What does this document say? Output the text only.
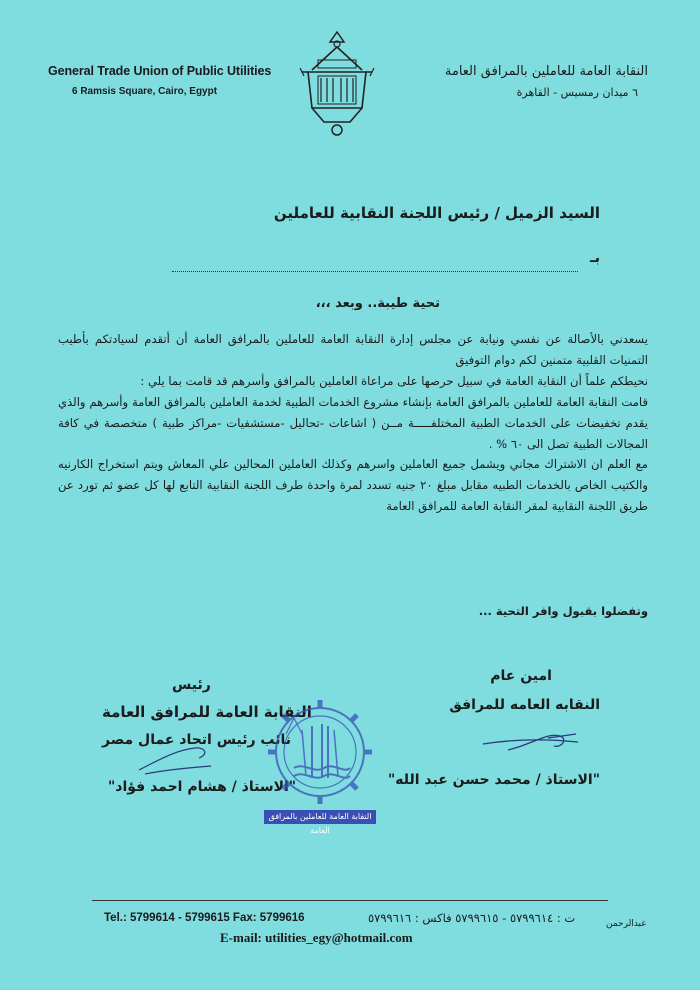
General Trade Union of Public Utilities
6 Ramsis Square, Cairo, Egypt
النقابة العامة للعاملين بالمرافق العامة
٦ ميدان رمسيس - القاهرة
السيد الزميل / رئيس اللجنة النقابية للعاملين
بـ
تحية طيبة.. وبعد ،،،

يسعدني بالأصالة عن نفسي ونيابة عن مجلس إدارة النقابة العامة للعاملين بالمرافق العامة أن أتقدم لسيادتكم بأطيب التمنيات القلبية متمنين لكم دوام التوفيق

نحيطكم علماً أن النقابة العامة في سبيل حرصها على مراعاة العاملين بالمرافق وأسرهم قد قامت بما يلي :

قامت النقابة العامة للعاملين بالمرافق العامة بإنشاء مشروع الخدمات الطبية لخدمة العاملين بالمرافق العامة وأسرهم والذي يقدم تخفيضات على الخدمات الطبية المختلفـــــة مــن ( اشاعات -تحاليل -مستشفيات -مراكز طبية ) متخصصة في كافة المجالات الطبية تصل الى ٦٠ % .

مع العلم ان الاشتراك مجاني ويشمل جميع العاملين واسرهم وكذلك العاملين المحالين علي المعاش ويتم استخراج الكارنيه والكتيب الخاص بالخدمات الطبيه مقابل مبلغ ٢٠ جنيه تسدد لمرة واحدة طرف اللجنة النقابية التابع لها كل عضو ثم تورد عن طريق اللجنة النقابية لمقر النقابة العامة للمرافق العامة

وتفضلوا بقبول وافر التحية ...
امين عام
النقابه العامه للمرافق
"الاستاذ / محمد حسن عبد الله"
رئيس
النقابة العامة للمرافق العامة
نائب رئيس اتحاد عمال مصر
"الاستاذ / هشام احمد فؤاد"
النقابة العامة للعاملين بالمرافق العامة
Tel.: 5799614 - 5799615 Fax: 5799616	ت : ٥٧٩٩٦١٤ - ٥٧٩٩٦١٥ فاكس : ٥٧٩٩٦١٦
E-mail: utilities_egy@hotmail.com
عبدالرحمن
